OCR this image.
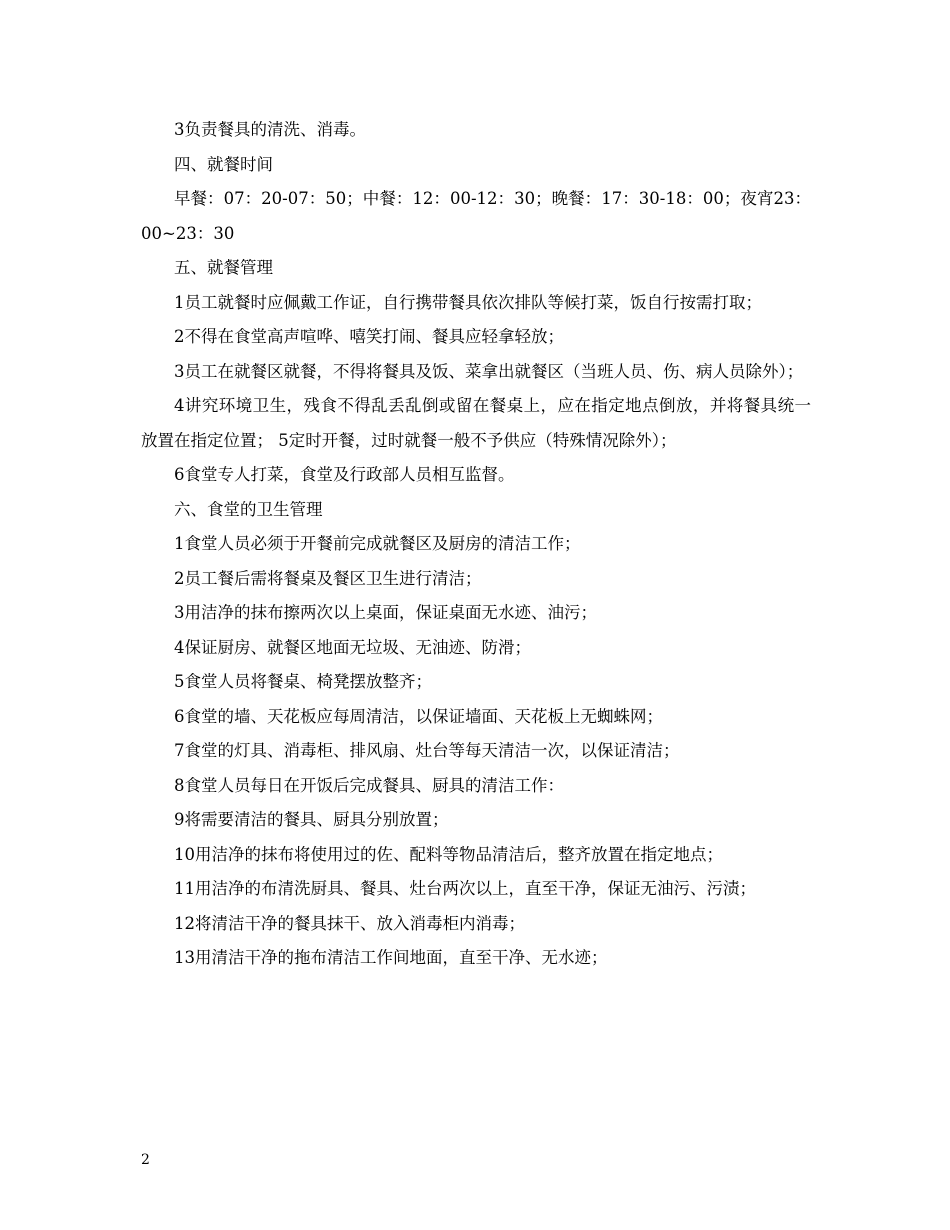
3负责餐具的清洗、消毒。

四、就餐时间

早餐：07：20-07：50；中餐：12：00-12：30；晚餐：17：30-18：00；夜宵23：00~23：30

五、就餐管理

1员工就餐时应佩戴工作证，自行携带餐具依次排队等候打菜，饭自行按需打取；

2不得在食堂高声喧哗、嘻笑打闹、餐具应轻拿轻放；

3员工在就餐区就餐，不得将餐具及饭、菜拿出就餐区（当班人员、伤、病人员除外）；

4讲究环境卫生，残食不得乱丢乱倒或留在餐桌上，应在指定地点倒放，并将餐具统一放置在指定位置； 5定时开餐，过时就餐一般不予供应（特殊情况除外）；

6食堂专人打菜，食堂及行政部人员相互监督。

六、食堂的卫生管理

1食堂人员必须于开餐前完成就餐区及厨房的清洁工作；

2员工餐后需将餐桌及餐区卫生进行清洁；

3用洁净的抹布擦两次以上桌面，保证桌面无水迹、油污；

4保证厨房、就餐区地面无垃圾、无油迹、防滑；

5食堂人员将餐桌、椅凳摆放整齐；

6食堂的墙、天花板应每周清洁，以保证墙面、天花板上无蜘蛛网；

7食堂的灯具、消毒柜、排风扇、灶台等每天清洁一次，以保证清洁；

8食堂人员每日在开饭后完成餐具、厨具的清洁工作：

9将需要清洁的餐具、厨具分别放置；

10用洁净的抹布将使用过的佐、配料等物品清洁后，整齐放置在指定地点；

11用洁净的布清洗厨具、餐具、灶台两次以上，直至干净，保证无油污、污渍；

12将清洁干净的餐具抹干、放入消毒柜内消毒；

13用清洁干净的拖布清洁工作间地面，直至干净、无水迹；

2
